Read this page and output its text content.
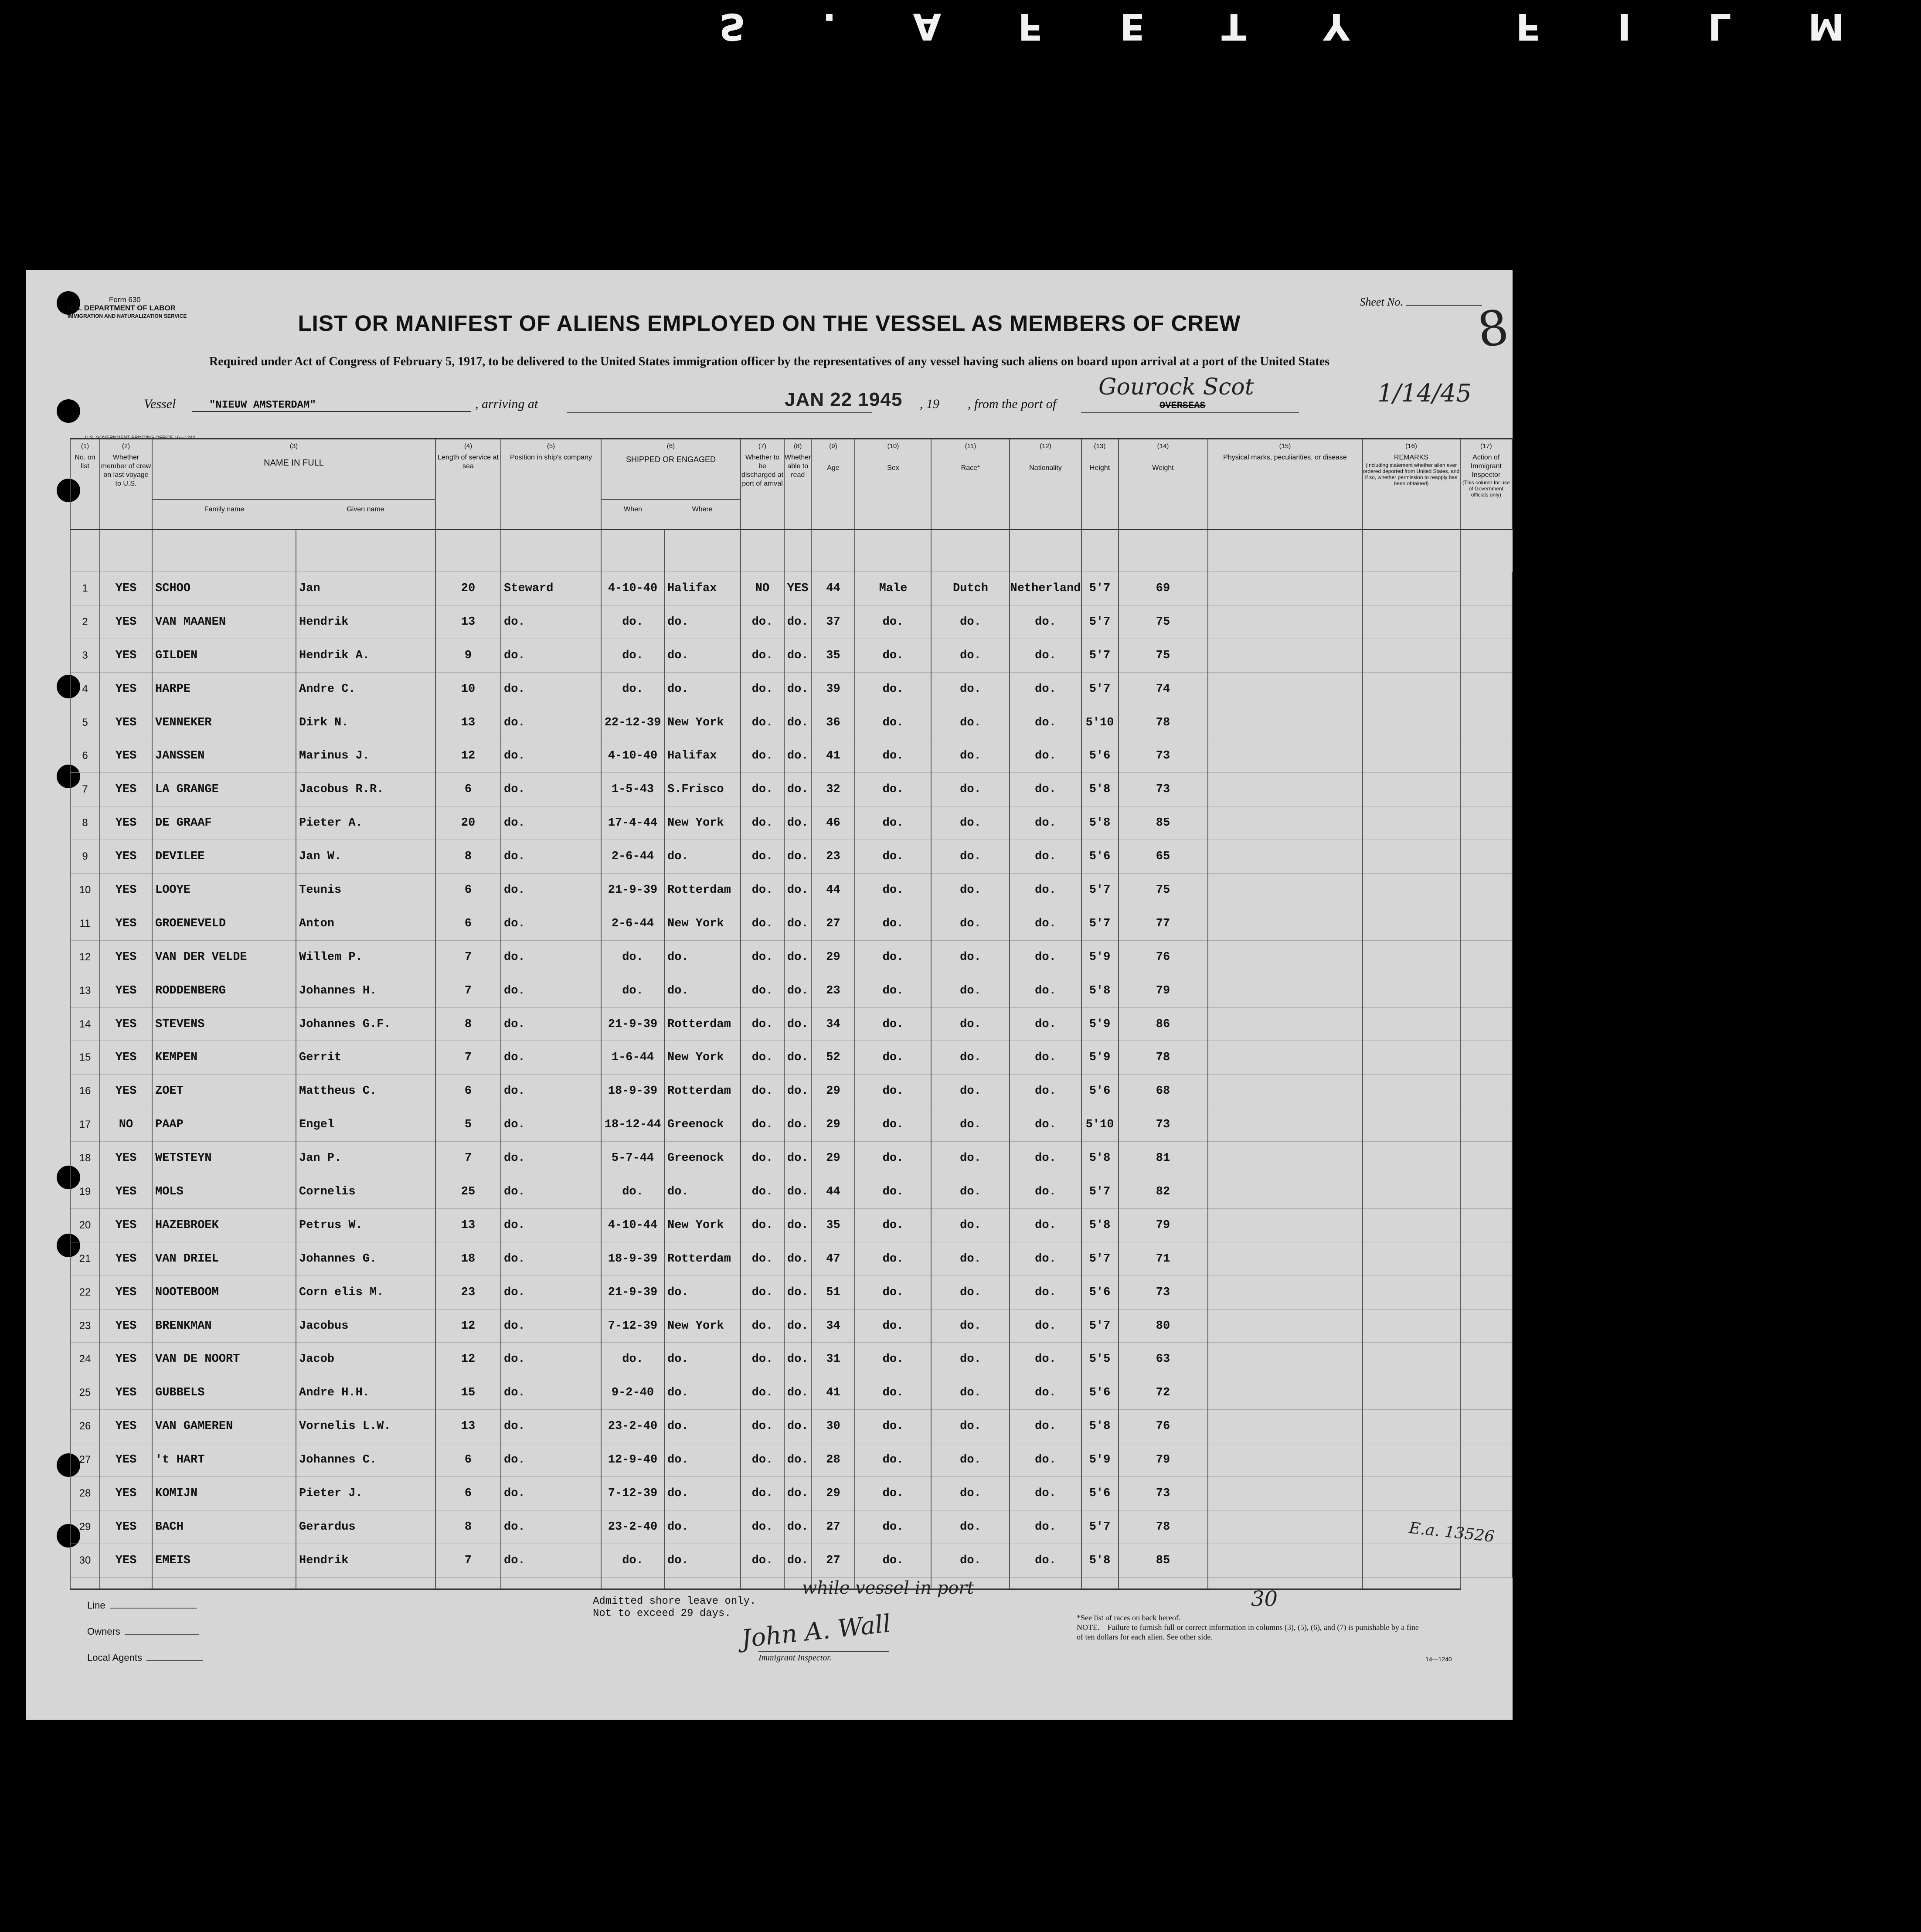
S.AFETY FILM
Form 630
U.S. DEPARTMENT OF LABOR
IMMIGRATION AND NATURALIZATION SERVICE
Sheet No.	8
LIST OR MANIFEST OF ALIENS EMPLOYED ON THE VESSEL AS MEMBERS OF CREW
Required under Act of Congress of February 5, 1917, to be delivered to the United States immigration officer by the representatives of any vessel having such aliens on board upon arrival at a port of the United States
Vessel	"NIEUW AMSTERDAM"	, arriving at	JAN 22 1945 , 19 , from the port of
Gourock Scot
OVERSEAS	1/14/45
U.S. GOVERNMENT PRINTING OFFICE 16—1240
(1)
No. on list	(2)
Whether member of crew on last voyage to U.S.	(3)
NAME IN FULL
Family name Given name		(4)
Length of service at sea	(5)
Position in ship's company	(6)
SHIPPED OR ENGAGED
When Where		(7)
Whether to be discharged at port of arrival	(8)
Whether able to read	(9)
Age	(10)
Sex	(11)
Race*	(12)
Nationality	(13)
Height	(14)
Weight	(15)
Physical marks, peculiarities, or disease	(16)
REMARKS
(Including statement whether alien ever ordered deported from United States, and if so, whether permission to reapply has been obtained)	(17)
Action of Immigrant Inspector
(This column for use of Government officials only)

1	YES	SCHOO	Jan	20	Steward	4-10-40	Halifax	NO	YES	44	Male	Dutch	Netherland	5'7	69			
2	YES	VAN MAANEN	Hendrik	13	do.	do.	do.	do.	do.	37	do.	do.	do.	5'7	75			
3	YES	GILDEN	Hendrik A.	9	do.	do.	do.	do.	do.	35	do.	do.	do.	5'7	75			
4	YES	HARPE	Andre C.	10	do.	do.	do.	do.	do.	39	do.	do.	do.	5'7	74			
5	YES	VENNEKER	Dirk N.	13	do.	22-12-39	New York	do.	do.	36	do.	do.	do.	5'10	78			
6	YES	JANSSEN	Marinus J.	12	do.	4-10-40	Halifax	do.	do.	41	do.	do.	do.	5'6	73			
7	YES	LA GRANGE	Jacobus R.R.	6	do.	1-5-43	S.Frisco	do.	do.	32	do.	do.	do.	5'8	73			
8	YES	DE GRAAF	Pieter A.	20	do.	17-4-44	New York	do.	do.	46	do.	do.	do.	5'8	85			
9	YES	DEVILEE	Jan W.	8	do.	2-6-44	do.	do.	do.	23	do.	do.	do.	5'6	65			
10	YES	LOOYE	Teunis	6	do.	21-9-39	Rotterdam	do.	do.	44	do.	do.	do.	5'7	75			
11	YES	GROENEVELD	Anton	6	do.	2-6-44	New York	do.	do.	27	do.	do.	do.	5'7	77			
12	YES	VAN DER VELDE	Willem P.	7	do.	do.	do.	do.	do.	29	do.	do.	do.	5'9	76			
13	YES	RODDENBERG	Johannes H.	7	do.	do.	do.	do.	do.	23	do.	do.	do.	5'8	79			
14	YES	STEVENS	Johannes G.F.	8	do.	21-9-39	Rotterdam	do.	do.	34	do.	do.	do.	5'9	86			
15	YES	KEMPEN	Gerrit	7	do.	1-6-44	New York	do.	do.	52	do.	do.	do.	5'9	78			
16	YES	ZOET	Mattheus C.	6	do.	18-9-39	Rotterdam	do.	do.	29	do.	do.	do.	5'6	68			
17	NO	PAAP	Engel	5	do.	18-12-44	Greenock	do.	do.	29	do.	do.	do.	5'10	73			
18	YES	WETSTEYN	Jan P.	7	do.	5-7-44	Greenock	do.	do.	29	do.	do.	do.	5'8	81			
19	YES	MOLS	Cornelis	25	do.	do.	do.	do.	do.	44	do.	do.	do.	5'7	82			
20	YES	HAZEBROEK	Petrus W.	13	do.	4-10-44	New York	do.	do.	35	do.	do.	do.	5'8	79			
21	YES	VAN DRIEL	Johannes G.	18	do.	18-9-39	Rotterdam	do.	do.	47	do.	do.	do.	5'7	71			
22	YES	NOOTEBOOM	Corn elis M.	23	do.	21-9-39	do.	do.	do.	51	do.	do.	do.	5'6	73			
23	YES	BRENKMAN	Jacobus	12	do.	7-12-39	New York	do.	do.	34	do.	do.	do.	5'7	80			
24	YES	VAN DE NOORT	Jacob	12	do.	do.	do.	do.	do.	31	do.	do.	do.	5'5	63			
25	YES	GUBBELS	Andre H.H.	15	do.	9-2-40	do.	do.	do.	41	do.	do.	do.	5'6	72			
26	YES	VAN GAMEREN	Vornelis L.W.	13	do.	23-2-40	do.	do.	do.	30	do.	do.	do.	5'8	76			
27	YES	't HART	Johannes C.	6	do.	12-9-40	do.	do.	do.	28	do.	do.	do.	5'9	79			
28	YES	KOMIJN	Pieter J.	6	do.	7-12-39	do.	do.	do.	29	do.	do.	do.	5'6	73			
29	YES	BACH	Gerardus	8	do.	23-2-40	do.	do.	do.	27	do.	do.	do.	5'7	78			
30	YES	EMEIS	Hendrik	7	do.	do.	do.	do.	do.	27	do.	do.	do.	5'8	85			

E.a. 13526
Line
Owners
Local Agents
Admitted shore leave only.
Not to exceed 29 days.
while vessel in port
John A. Wall
Immigrant Inspector.
30
*See list of races on back hereof.
NOTE.—Failure to furnish full or correct information in columns (3), (5), (6), and (7) is punishable by a fine of ten dollars for each alien. See other side.
14—1240
